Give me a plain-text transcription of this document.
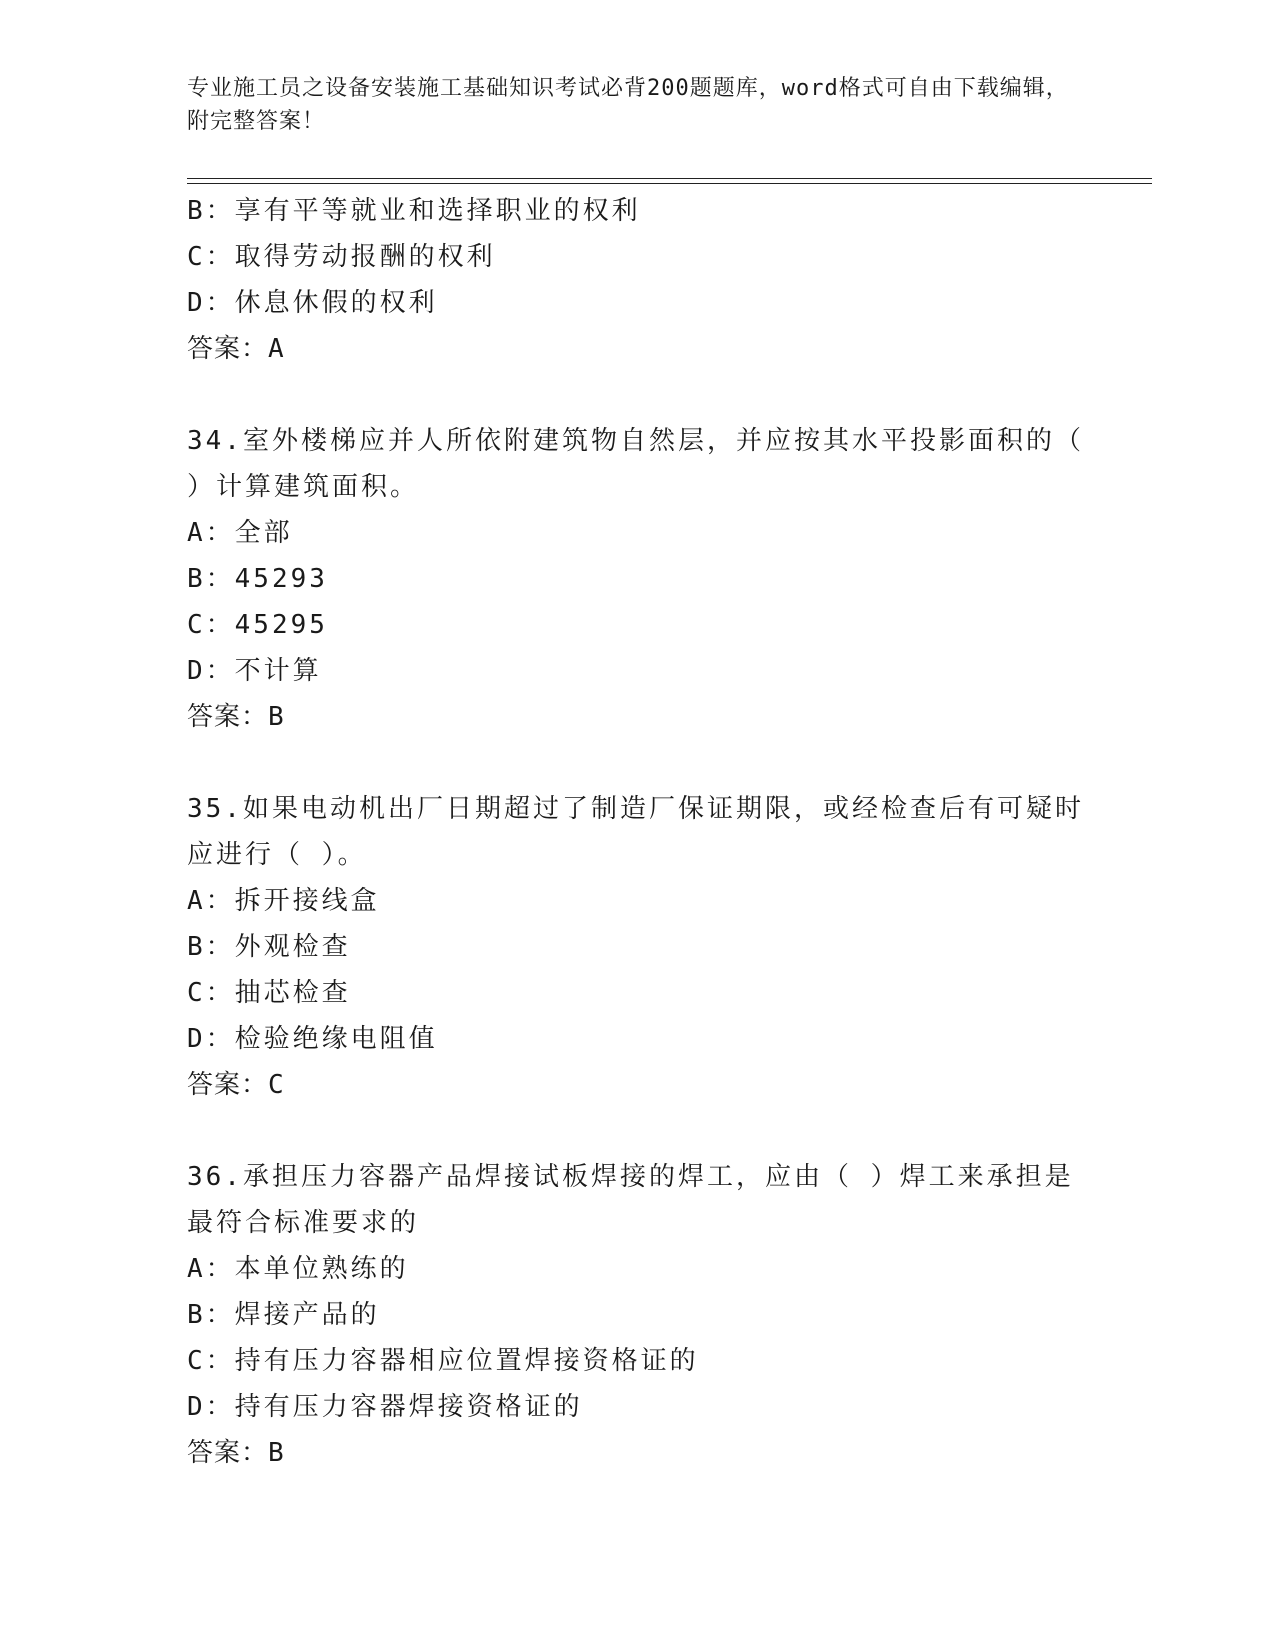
专业施工员之设备安装施工基础知识考试必背200题题库，word格式可自由下载编辑，附完整答案！
B：享有平等就业和选择职业的权利
C：取得劳动报酬的权利
D：休息休假的权利
答案：A
34.室外楼梯应并人所依附建筑物自然层，并应按其水平投影面积的（
）计算建筑面积。
A：全部
B：45293
C：45295
D：不计算
答案：B
35.如果电动机出厂日期超过了制造厂保证期限，或经检查后有可疑时
应进行（ ）。
A：拆开接线盒
B：外观检查
C：抽芯检查
D：检验绝缘电阻值
答案：C
36.承担压力容器产品焊接试板焊接的焊工，应由（ ）焊工来承担是
最符合标准要求的
A：本单位熟练的
B：焊接产品的
C：持有压力容器相应位置焊接资格证的
D：持有压力容器焊接资格证的
答案：B
